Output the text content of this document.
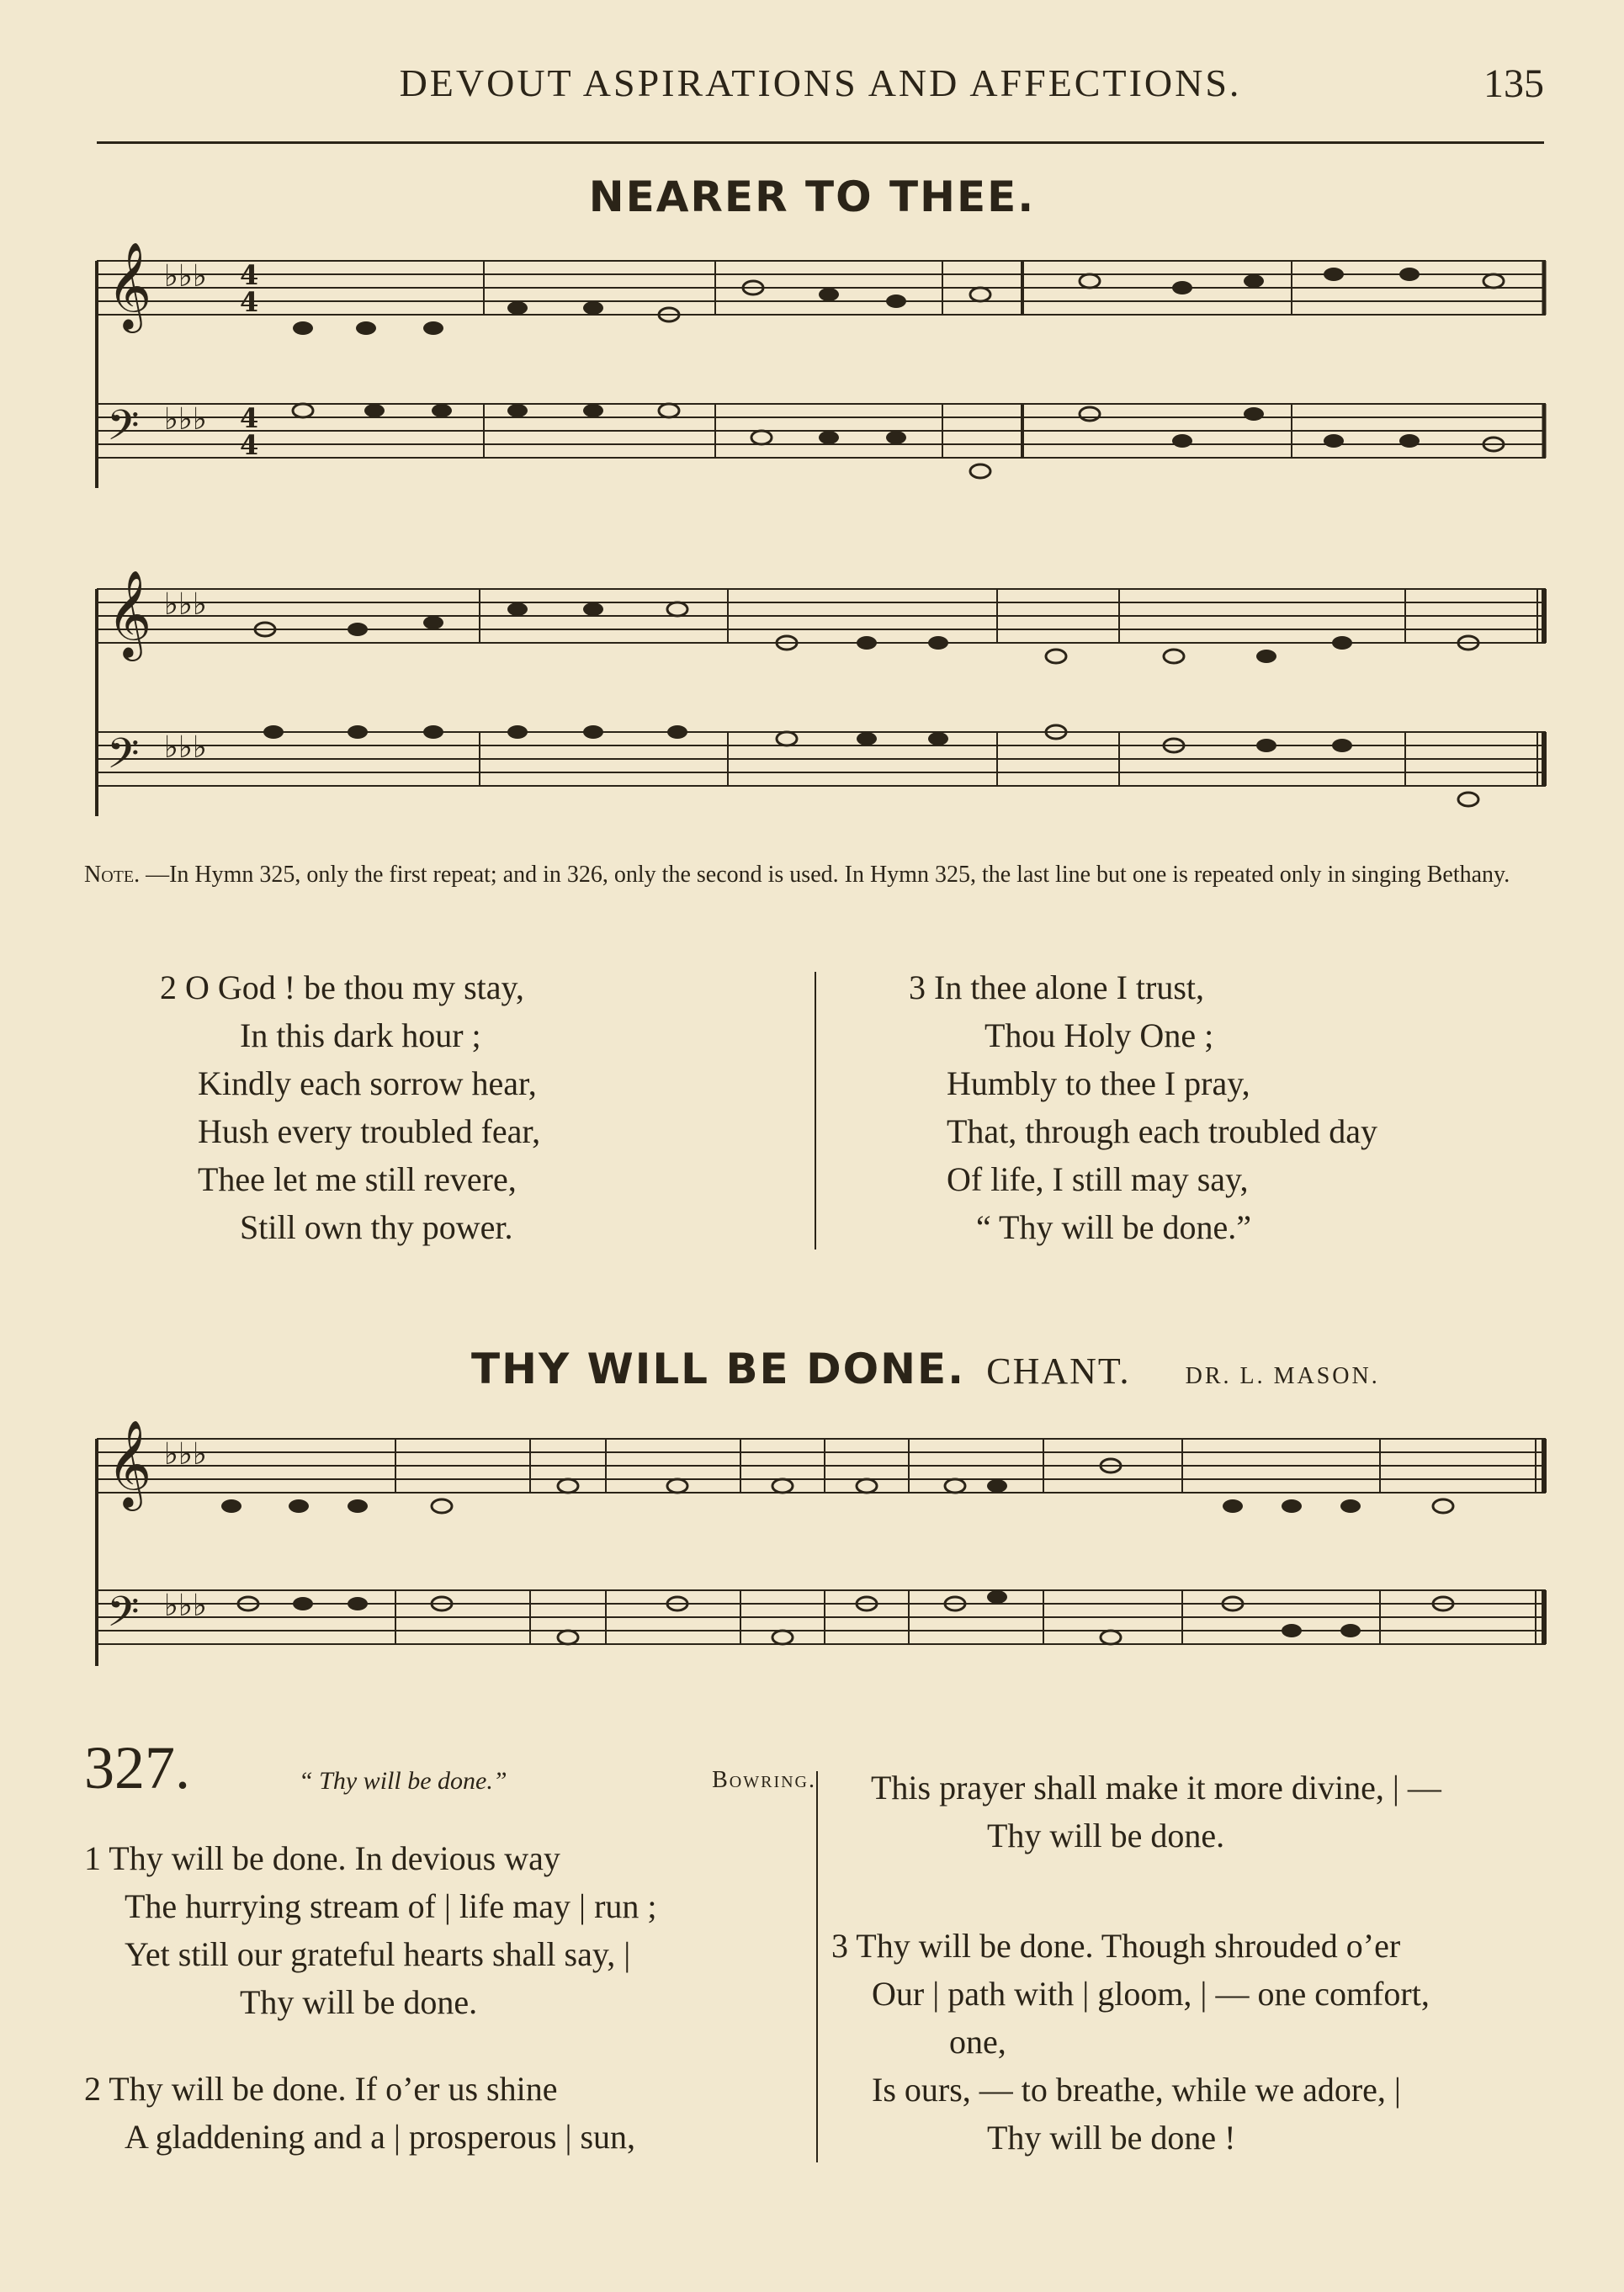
DEVOUT ASPIRATIONS AND AFFECTIONS.	135
NEARER TO THEE.
𝄞
𝄢
♭♭♭
♭♭♭
4
4
4
4
𝄞
𝄢
♭♭♭
♭♭♭
Note. —In Hymn 325, only the first repeat; and in 326, only the second is used. In Hymn 325, the last line but one is repeated only in singing Bethany.
2 O God ! be thou my stay,
In this dark hour ;
Kindly each sorrow hear,
Hush every troubled fear,
Thee let me still revere,
Still own thy power.
3 In thee alone I trust,
Thou Holy One ;
Humbly to thee I pray,
That, through each troubled day
Of life, I still may say,
“ Thy will be done.”
THY WILL BE DONE. CHANT. DR. L. MASON.
𝄞
𝄢
♭♭♭
♭♭♭
327.	“ Thy will be done.”	Bowring.
1 Thy will be done. In devious way
The hurrying stream of | life may | run ;
Yet still our grateful hearts shall say, |
Thy will be done.
2 Thy will be done. If o’er us shine
A gladdening and a | prosperous | sun,
This prayer shall make it more divine, | —
Thy will be done.
3 Thy will be done. Though shrouded o’er
Our | path with | gloom, | — one comfort,
one,
Is ours, — to breathe, while we adore, |
Thy will be done !
